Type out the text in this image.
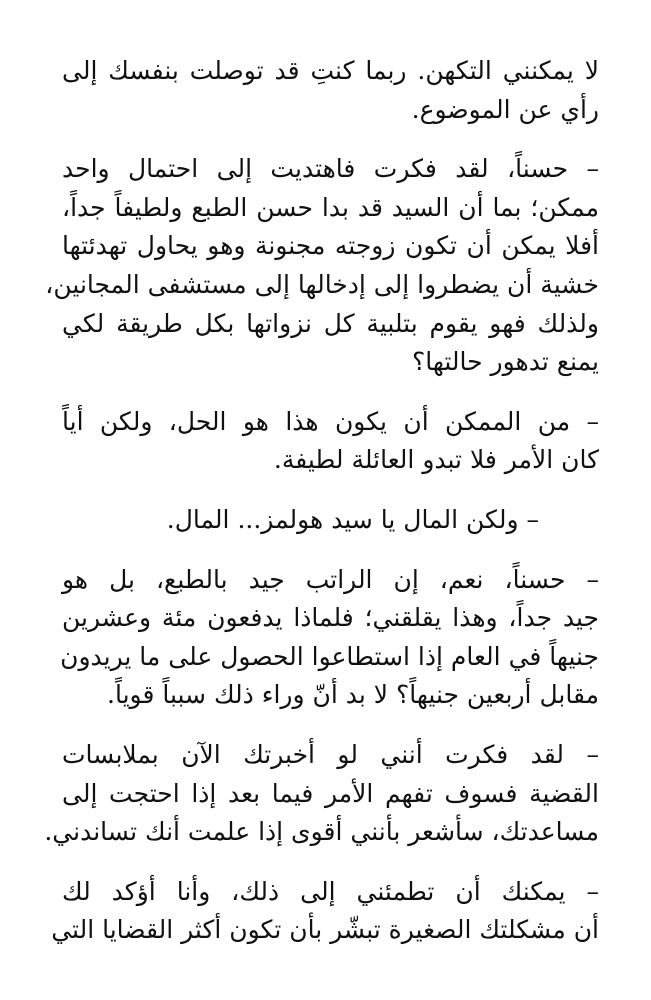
لا يمكنني التكهن. ربما كنتِ قد توصلت بنفسك إلى
رأي عن الموضوع.

– حسناً، لقد فكرت فاهتديت إلى احتمال واحد
ممكن؛ بما أن السيد قد بدا حسن الطبع ولطيفاً جداً،
أفلا يمكن أن تكون زوجته مجنونة وهو يحاول تهدئتها
خشية أن يضطروا إلى إدخالها إلى مستشفى المجانين،
ولذلك فهو يقوم بتلبية كل نزواتها بكل طريقة لكي
يمنع تدهور حالتها؟

– من الممكن أن يكون هذا هو الحل، ولكن أياً
كان الأمر فلا تبدو العائلة لطيفة.

– ولكن المال يا سيد هولمز... المال.

– حسناً، نعم، إن الراتب جيد بالطبع، بل هو
جيد جداً، وهذا يقلقني؛ فلماذا يدفعون مئة وعشرين
جنيهاً في العام إذا استطاعوا الحصول على ما يريدون
مقابل أربعين جنيهاً؟ لا بد أنّ وراء ذلك سبباً قوياً.

– لقد فكرت أنني لو أخبرتك الآن بملابسات
القضية فسوف تفهم الأمر فيما بعد إذا احتجت إلى
مساعدتك، سأشعر بأنني أقوى إذا علمت أنك تساندني.

– يمكنك أن تطمئني إلى ذلك، وأنا أؤكد لك
أن مشكلتك الصغيرة تبشّر بأن تكون أكثر القضايا التي
